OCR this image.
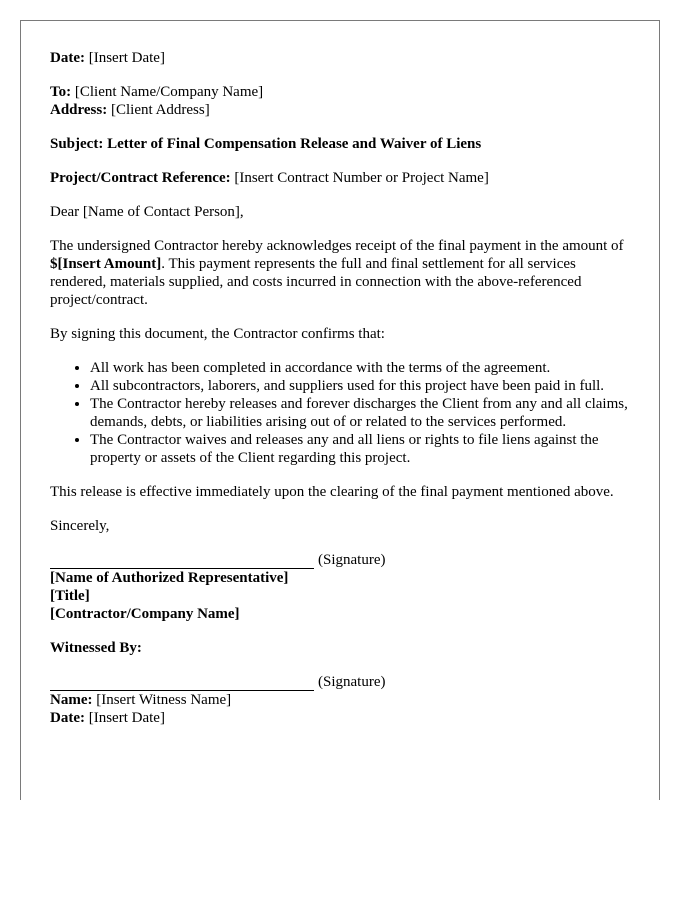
Date: [Insert Date]

To: [Client Name/Company Name]
Address: [Client Address]

Subject: Letter of Final Compensation Release and Waiver of Liens

Project/Contract Reference: [Insert Contract Number or Project Name]

Dear [Name of Contact Person],

The undersigned Contractor hereby acknowledges receipt of the final payment in the amount of $[Insert Amount]. This payment represents the full and final settlement for all services rendered, materials supplied, and costs incurred in connection with the above-referenced project/contract.

By signing this document, the Contractor confirms that:

• All work has been completed in accordance with the terms of the agreement.
• All subcontractors, laborers, and suppliers used for this project have been paid in full.
• The Contractor hereby releases and forever discharges the Client from any and all claims, demands, debts, or liabilities arising out of or related to the services performed.
• The Contractor waives and releases any and all liens or rights to file liens against the property or assets of the Client regarding this project.

This release is effective immediately upon the clearing of the final payment mentioned above.

Sincerely,

(Signature)
[Name of Authorized Representative]
[Title]
[Contractor/Company Name]

Witnessed By:

(Signature)
Name: [Insert Witness Name]
Date: [Insert Date]
